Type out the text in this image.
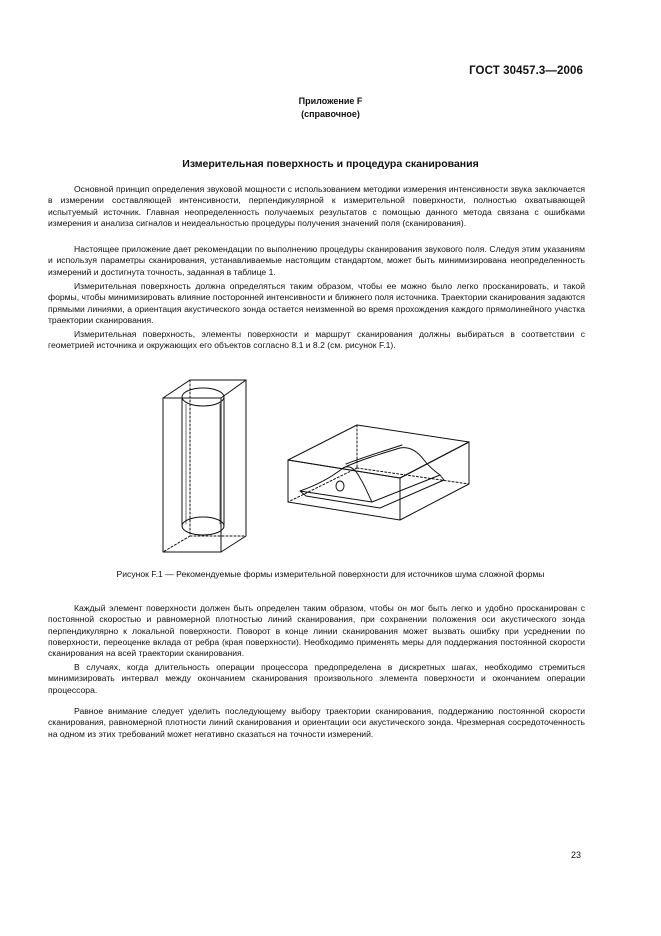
ГОСТ 30457.3—2006
Приложение F
(справочное)
Измерительная поверхность и процедура сканирования

Основной принцип определения звуковой мощности с использованием методики измерения интенсивности звука заключается в измерении составляющей интенсивности, перпендикулярной к измерительной поверхности, полностью охватывающей испытуемый источник. Главная неопределенность получаемых результатов с помощью данного метода связана с ошибками измерения и анализа сигналов и неидеальностью процедуры получения значений поля (сканирования).

Настоящее приложение дает рекомендации по выполнению процедуры сканирования звукового поля. Следуя этим указаниям и используя параметры сканирования, устанавливаемые настоящим стандартом, может быть минимизирована неопределенность измерений и достигнута точность, заданная в таблице 1.

Измерительная поверхность должна определяться таким образом, чтобы ее можно было легко просканировать, и такой формы, чтобы минимизировать влияние посторонней интенсивности и ближнего поля источника. Траектории сканирования задаются прямыми линиями, а ориентация акустического зонда остается неизменной во время прохождения каждого прямолинейного участка траектории сканирования.

Измерительная поверхность, элементы поверхности и маршрут сканирования должны выбираться в соответствии с геометрией источника и окружающих его объектов согласно 8.1 и 8.2 (см. рисунок F.1).

Рисунок F.1 — Рекомендуемые формы измерительной поверхности для источников шума сложной формы

Каждый элемент поверхности должен быть определен таким образом, чтобы он мог быть легко и удобно просканирован с постоянной скоростью и равномерной плотностью линий сканирования, при сохранении положения оси акустического зонда перпендикулярно к локальной поверхности. Поворот в конце линии сканирования может вызвать ошибку при усреднении по поверхности, переоценке вклада от ребра (края поверхности). Необходимо применять меры для поддержания постоянной скорости сканирования на всей траектории сканирования.

В случаях, когда длительность операции процессора предопределена в дискретных шагах, необходимо стремиться минимизировать интервал между окончанием сканирования произвольного элемента поверхности и окончанием операции процессора.

Равное внимание следует уделить последующему выбору траектории сканирования, поддержанию постоянной скорости сканирования, равномерной плотности линий сканирования и ориентации оси акустического зонда. Чрезмерная сосредоточенность на одном из этих требований может негативно сказаться на точности измерений.

23
